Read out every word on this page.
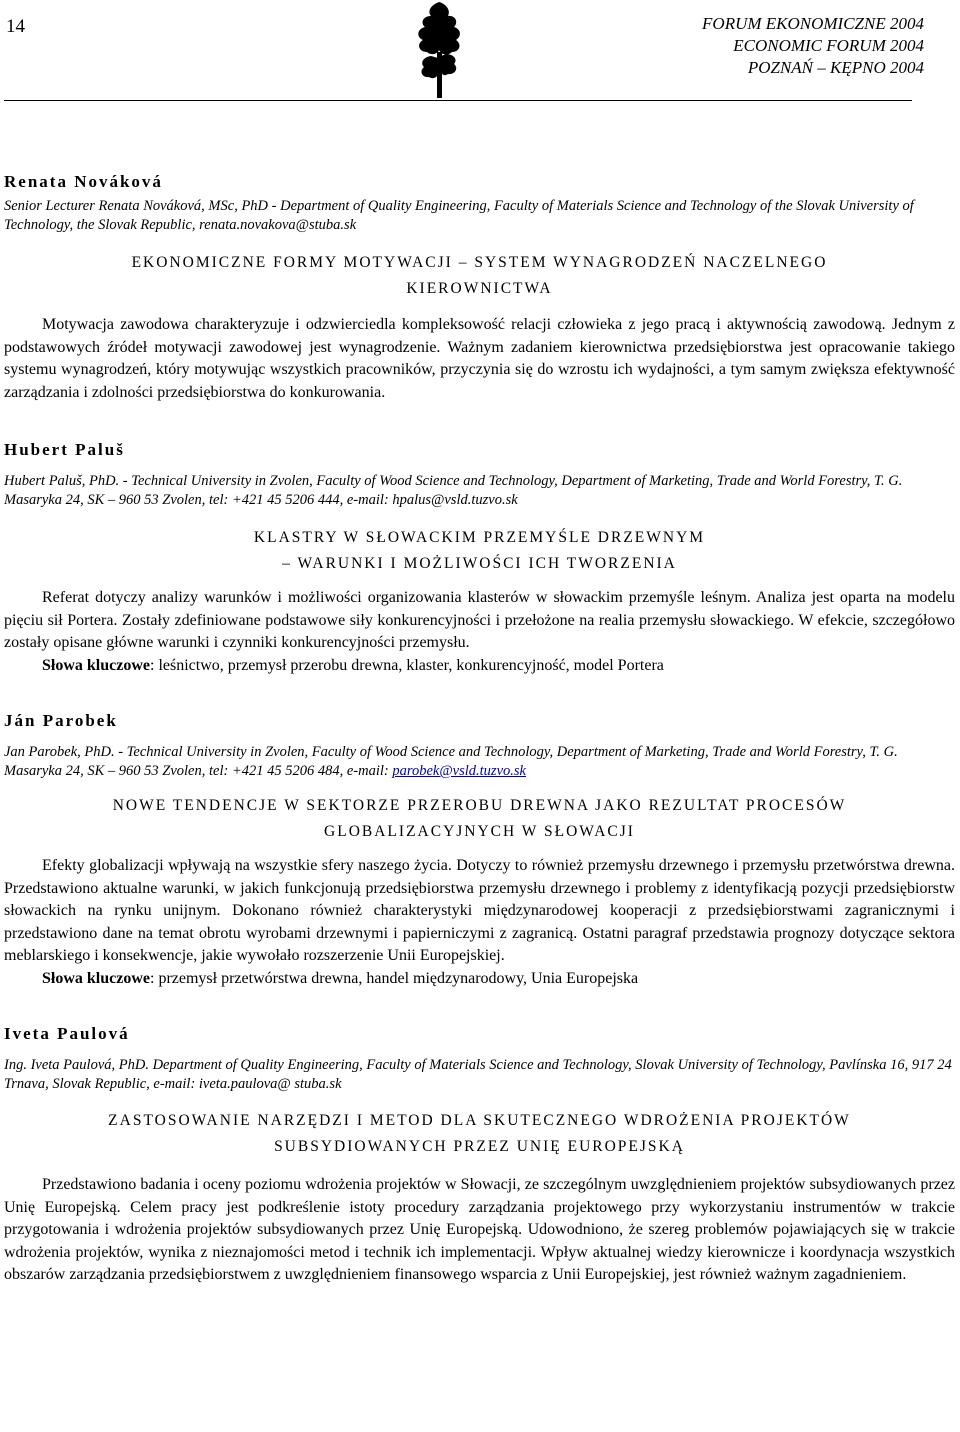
14	FORUM EKONOMICZNE 2004
ECONOMIC FORUM 2004
POZNAŃ – KĘPNO 2004
Renata Nováková
Senior Lecturer Renata Nováková, MSc, PhD - Department of Quality Engineering, Faculty of Materials Science and Technology of the Slovak University of Technology, the Slovak Republic, renata.novakova@stuba.sk
EKONOMICZNE FORMY MOTYWACJI – SYSTEM WYNAGRODZEŃ NACZELNEGO
KIEROWNICTWA
Motywacja zawodowa charakteryzuje i odzwierciedla kompleksowość relacji człowieka z jego pracą i aktywnością zawodową. Jednym z podstawowych źródeł motywacji zawodowej jest wynagrodzenie. Ważnym zadaniem kierownictwa przedsiębiorstwa jest opracowanie takiego systemu wynagrodzeń, który motywując wszystkich pracowników, przyczynia się do wzrostu ich wydajności, a tym samym zwiększa efektywność zarządzania i zdolności przedsiębiorstwa do konkurowania.
Hubert Paluš
Hubert Paluš, PhD. - Technical University in Zvolen, Faculty of Wood Science and Technology, Department of Marketing, Trade and World Forestry, T. G. Masaryka 24, SK – 960 53 Zvolen, tel: +421 45 5206 444, e-mail: hpalus@vsld.tuzvo.sk
KLASTRY W SŁOWACKIM PRZEMYŚLE DRZEWNYM
– WARUNKI I MOŻLIWOŚCI ICH TWORZENIA
Referat dotyczy analizy warunków i możliwości organizowania klasterów w słowackim przemyśle leśnym. Analiza jest oparta na modelu pięciu sił Portera. Zostały zdefiniowane podstawowe siły konkurencyjności i przełożone na realia przemysłu słowackiego. W efekcie, szczegółowo zostały opisane główne warunki i czynniki konkurencyjności przemysłu.
Słowa kluczowe: leśnictwo, przemysł przerobu drewna, klaster, konkurencyjność, model Portera
Ján Parobek
Jan Parobek, PhD. - Technical University in Zvolen, Faculty of Wood Science and Technology, Department of Marketing, Trade and World Forestry, T. G. Masaryka 24, SK – 960 53 Zvolen, tel: +421 45 5206 484, e-mail: parobek@vsld.tuzvo.sk
NOWE TENDENCJE W SEKTORZE PRZEROBU DREWNA JAKO REZULTAT PROCESÓW
GLOBALIZACYJNYCH W SŁOWACJI
Efekty globalizacji wpływają na wszystkie sfery naszego życia. Dotyczy to również przemysłu drzewnego i przemysłu przetwórstwa drewna. Przedstawiono aktualne warunki, w jakich funkcjonują przedsiębiorstwa przemysłu drzewnego i problemy z identyfikacją pozycji przedsiębiorstw słowackich na rynku unijnym. Dokonano również charakterystyki międzynarodowej kooperacji z przedsiębiorstwami zagranicznymi i przedstawiono dane na temat obrotu wyrobami drzewnymi i papierniczymi z zagranicą. Ostatni paragraf przedstawia prognozy dotyczące sektora meblarskiego i konsekwencje, jakie wywołało rozszerzenie Unii Europejskiej.
Słowa kluczowe: przemysł przetwórstwa drewna, handel międzynarodowy, Unia Europejska
Iveta Paulová
Ing. Iveta Paulová, PhD. Department of Quality Engineering, Faculty of Materials Science and Technology, Slovak University of Technology, Pavlínska 16, 917 24 Trnava, Slovak Republic, e-mail: iveta.paulova@ stuba.sk
ZASTOSOWANIE NARZĘDZI I METOD DLA SKUTECZNEGO WDROŻENIA PROJEKTÓW
SUBSYDIOWANYCH PRZEZ UNIĘ EUROPEJSKĄ
Przedstawiono badania i oceny poziomu wdrożenia projektów w Słowacji, ze szczególnym uwzględnieniem projektów subsydiowanych przez Unię Europejską. Celem pracy jest podkreślenie istoty procedury zarządzania projektowego przy wykorzystaniu instrumentów w trakcie przygotowania i wdrożenia projektów subsydiowanych przez Unię Europejską. Udowodniono, że szereg problemów pojawiających się w trakcie wdrożenia projektów, wynika z nieznajomości metod i technik ich implementacji. Wpływ aktualnej wiedzy kierownicze i koordynacja wszystkich obszarów zarządzania przedsiębiorstwem z uwzględnieniem finansowego wsparcia z Unii Europejskiej, jest również ważnym zagadnieniem.
